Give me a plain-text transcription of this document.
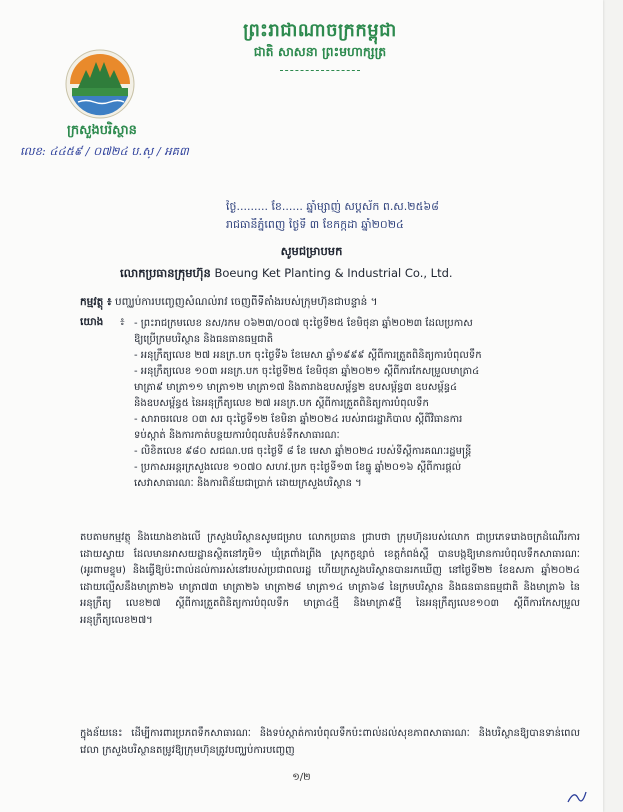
ព្រះរាជាណាចក្រកម្ពុជា
ជាតិ សាសនា ព្រះមហាក្សត្រ
ក្រសួងបរិស្ថាន
លេខ: ៤៤៥៩ / ០៧២៤ ប.ស្ / អគ៣
ថ្ងៃ......... ខែ...... ឆ្នាំម្សាញ់ សប្តស័ក ព.ស.២៥៦៨
រាជធានីភ្នំពេញ ថ្ងៃទី ៣ ខែកក្កដា ឆ្នាំ២០២៤
សូមជម្រាបមក
លោកប្រធានក្រុមហ៊ុន Boeung Ket Planting & Industrial Co., Ltd.
កម្មវត្ថុ ៖ បញ្ឈប់ការបញ្ចេញសំណល់រាវ ចេញពីទីតាំងរបស់ក្រុមហ៊ុនជាបន្ទាន់ ។
យោង ៖ - ព្រះរាជក្រមលេខ នស/រកម ០៦២៣/០០៧ ចុះថ្ងៃទី២៥ ខែមិថុនា ឆ្នាំ២០២៣ ដែលប្រកាស
ឱ្យប្រើក្រមបរិស្ថាន និងធនធានធម្មជាតិ
- អនុក្រឹត្យលេខ ២៧ អនក្រ.បក ចុះថ្ងៃទី៦ ខែមេសា ឆ្នាំ១៩៩៩ ស្តីពីការត្រួតពិនិត្យការបំពុលទឹក
- អនុក្រឹត្យលេខ ១០៣ អនក្រ.បក ចុះថ្ងៃទី២៥ ខែមិថុនា ឆ្នាំ២០២១ ស្តីពីការកែសម្រួលមាត្រា៤
មាត្រា៩ មាត្រា១១ មាត្រា១២ មាត្រា១៧ និងតារាងឧបសម្ព័ន្ធ២ ឧបសម្ព័ន្ធ៣ ឧបសម្ព័ន្ធ៤
និងឧបសម្ព័ន្ធ៥ នៃអនុក្រឹត្យលេខ ២៧ អនក្រ.បក ស្តីពីការត្រួតពិនិត្យការបំពុលទឹក
- សារាចរលេខ ០៣ សរ ចុះថ្ងៃទី១២ ខែមិនា ឆ្នាំ២០២៤ របស់រាជរដ្ឋាភិបាល ស្តីពីវិធានការ
ទប់ស្កាត់ និងការកាត់បន្ថយការបំពុលតំបន់ទឹកសាធារណៈ
- លិខិតលេខ ៩៨០ សជណ.បផ ចុះថ្ងៃទី ៨ ខែ មេសា ឆ្នាំ២០២៤ របស់ទីស្តីការគណៈរដ្ឋមន្ត្រី
- ប្រកាសអន្តរក្រសួងលេខ ១០៧០ សហវ.ប្រក ចុះថ្ងៃទី១៣ ខែធ្នូ ឆ្នាំ២០១៦ ស្តីពីការផ្តល់
សេវាសាធារណៈ និងការពិន័យជាប្រាក់ ដោយក្រសួងបរិស្ថាន ។
តបតាមកម្មវត្ថុ និងយោងខាងលើ ក្រសួងបរិស្ថានសូមជម្រាប លោកប្រធាន ជ្រាបថា ក្រុមហ៊ុនរបស់លោក ជាប្រភេទរោងចក្រដំណើរការដោយស្វាយ ដែលមានអាសយដ្ឋានស្ថិតនៅភូមិ១ ឃុំត្រពាំងព្រីង ស្រុកក្ងខ្សាច់ ខេត្តកំពង់ស្ពឺ បានបង្កឱ្យមានការបំពុលទឹកសាធារណៈ (អូរពាមខ្ទុម) និងធ្វើឱ្យប៉ះពាល់ដល់ការរស់នៅរបស់ប្រជាពលរដ្ឋ ហើយក្រសួងបរិស្ថានបានរកឃើញ នៅថ្ងៃទី២២ ខែឧសភា ឆ្នាំ២០២៤ ដោយល្មើសនឹងមាត្រា២៦ មាត្រា៧៣ មាត្រា២៦ មាត្រា២៨ មាត្រា១៤ មាត្រា៦៨ នៃក្រមបរិស្ថាន និងធនធានធម្មជាតិ និងមាត្រា៦ នៃអនុក្រឹត្យ លេខ២៧ ស្តីពីការត្រួតពិនិត្យការបំពុលទឹក មាត្រា៤ថ្មី និងមាត្រា៩ថ្មី នៃអនុក្រឹត្យលេខ១០៣ ស្តីពីការកែសម្រួលអនុក្រឹត្យលេខ២៧។
ក្នុងន័យនេះ ដើម្បីការពារប្រភពទឹកសាធារណៈ និងទប់ស្កាត់ការបំពុលទឹកប៉ះពាល់ដល់សុខភាពសាធារណៈ និងបរិស្ថានឱ្យបានទាន់ពេលវេលា ក្រសួងបរិស្ថានតម្រូវឱ្យក្រុមហ៊ុនត្រូវបញ្ឈប់ការបញ្ចេញ
១/២
